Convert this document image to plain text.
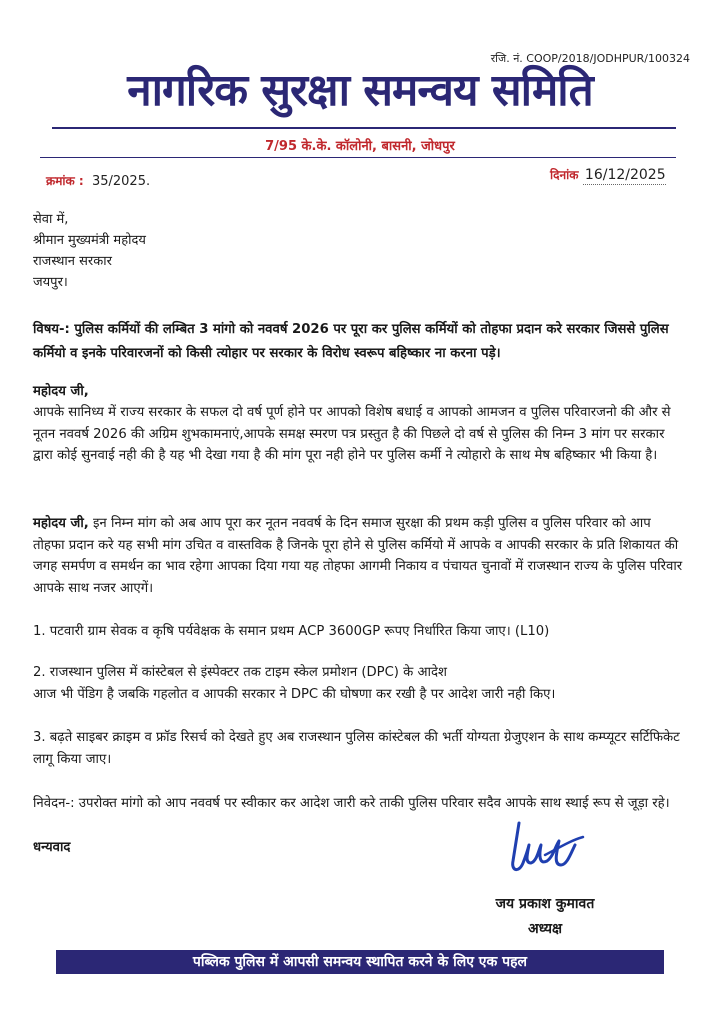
रजि. नं. COOP/2018/JODHPUR/100324
नागरिक सुरक्षा समन्वय समिति
7/95 के.के. कॉलोनी, बासनी, जोधपुर
क्रमांक : 35/2025.	दिनांक 16/12/2025
सेवा में,
श्रीमान मुख्यमंत्री महोदय
राजस्थान सरकार
जयपुर।
विषय-: पुलिस कर्मियों की लम्बित 3 मांगो को नववर्ष 2026 पर पूरा कर पुलिस कर्मियों को तोहफा प्रदान करे सरकार जिससे पुलिस कर्मियो व इनके परिवारजनों को किसी त्योहार पर सरकार के विरोध स्वरूप बहिष्कार ना करना पड़े।
महोदय जी,
आपके सानिध्य में राज्य सरकार के सफल दो वर्ष पूर्ण होने पर आपको विशेष बधाई व आपको आमजन व पुलिस परिवारजनो की और से नूतन नववर्ष 2026 की अग्रिम शुभकामनाएं,आपके समक्ष स्मरण पत्र प्रस्तुत है की पिछले दो वर्ष से पुलिस की निम्न 3 मांग पर सरकार द्वारा कोई सुनवाई नही की है यह भी देखा गया है की मांग पूरा नही होने पर पुलिस कर्मी ने त्योहारो के साथ मेष बहिष्कार भी किया है।
महोदय जी, इन निम्न मांग को अब आप पूरा कर नूतन नववर्ष के दिन समाज सुरक्षा की प्रथम कड़ी पुलिस व पुलिस परिवार को आप तोहफा प्रदान करे यह सभी मांग उचित व वास्तविक है जिनके पूरा होने से पुलिस कर्मियो में आपके व आपकी सरकार के प्रति शिकायत की जगह समर्पण व समर्थन का भाव रहेगा आपका दिया गया यह तोहफा आगमी निकाय व पंचायत चुनावों में राजस्थान राज्य के पुलिस परिवार आपके साथ नजर आएगें।
1. पटवारी ग्राम सेवक व कृषि पर्यवेक्षक के समान प्रथम ACP 3600GP रूपए निर्धारित किया जाए। (L10)
2. राजस्थान पुलिस में कांस्टेबल से इंस्पेक्टर तक टाइम स्केल प्रमोशन (DPC) के आदेश
आज भी पेंडिग है जबकि गहलोत व आपकी सरकार ने DPC की घोषणा कर रखी है पर आदेश जारी नही किए।
3. बढ़ते साइबर क्राइम व फ्रॉड रिसर्च को देखते हुए अब राजस्थान पुलिस कांस्टेबल की भर्ती योग्यता ग्रेजुएशन के साथ कम्प्यूटर सर्टिफिकेट लागू किया जाए।
निवेदन-: उपरोक्त मांगो को आप नववर्ष पर स्वीकार कर आदेश जारी करे ताकी पुलिस परिवार सदैव आपके साथ स्थाई रूप से जूड़ा रहे।
धन्यवाद
जय प्रकाश कुमावत
अध्यक्ष
पब्लिक पुलिस में आपसी समन्वय स्थापित करने के लिए एक पहल
